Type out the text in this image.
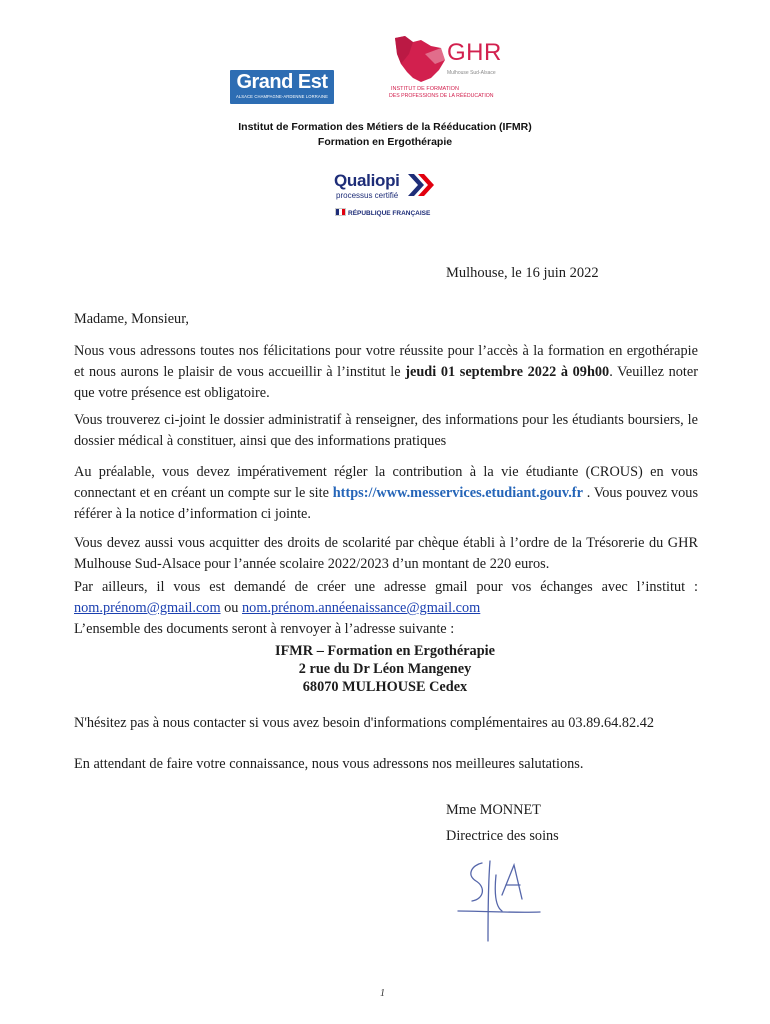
Grand Est
ALSACE CHAMPAGNE-ARDENNE LORRAINE
GHR
Mulhouse Sud-Alsace
INSTITUT DE FORMATION
DES PROFESSIONS DE LA RÉÉDUCATION
Institut de Formation des Métiers de la Rééducation (IFMR)
Formation en Ergothérapie
Qualiopi
processus certifié
RÉPUBLIQUE FRANÇAISE
Mulhouse, le 16 juin 2022
Madame, Monsieur,
Nous vous adressons toutes nos félicitations pour votre réussite pour l’accès à la formation en ergothérapie et nous aurons le plaisir de vous accueillir à l’institut le jeudi 01 septembre 2022 à 09h00. Veuillez noter que votre présence est obligatoire.
Vous trouverez ci-joint le dossier administratif à renseigner, des informations pour les étudiants boursiers, le dossier médical à constituer, ainsi que des informations pratiques
Au préalable, vous devez impérativement régler la contribution à la vie étudiante (CROUS) en vous connectant et en créant un compte sur le site https://www.messervices.etudiant.gouv.fr . Vous pouvez vous référer à la notice d’information ci jointe.
Vous devez aussi vous acquitter des droits de scolarité par chèque établi à l’ordre de la Trésorerie du GHR Mulhouse Sud-Alsace pour l’année scolaire 2022/2023 d’un montant de 220 euros.
Par ailleurs, il vous est demandé de créer une adresse gmail pour vos échanges avec l’institut : nom.prénom@gmail.com ou nom.prénom.annéenaissance@gmail.com
L’ensemble des documents seront à renvoyer à l’adresse suivante :
IFMR – Formation en Ergothérapie
2 rue du Dr Léon Mangeney
68070 MULHOUSE Cedex
N'hésitez pas à nous contacter si vous avez besoin d'informations complémentaires au 03.89.64.82.42
En attendant de faire votre connaissance, nous vous adressons nos meilleures salutations.
Mme MONNET
Directrice des soins
1
